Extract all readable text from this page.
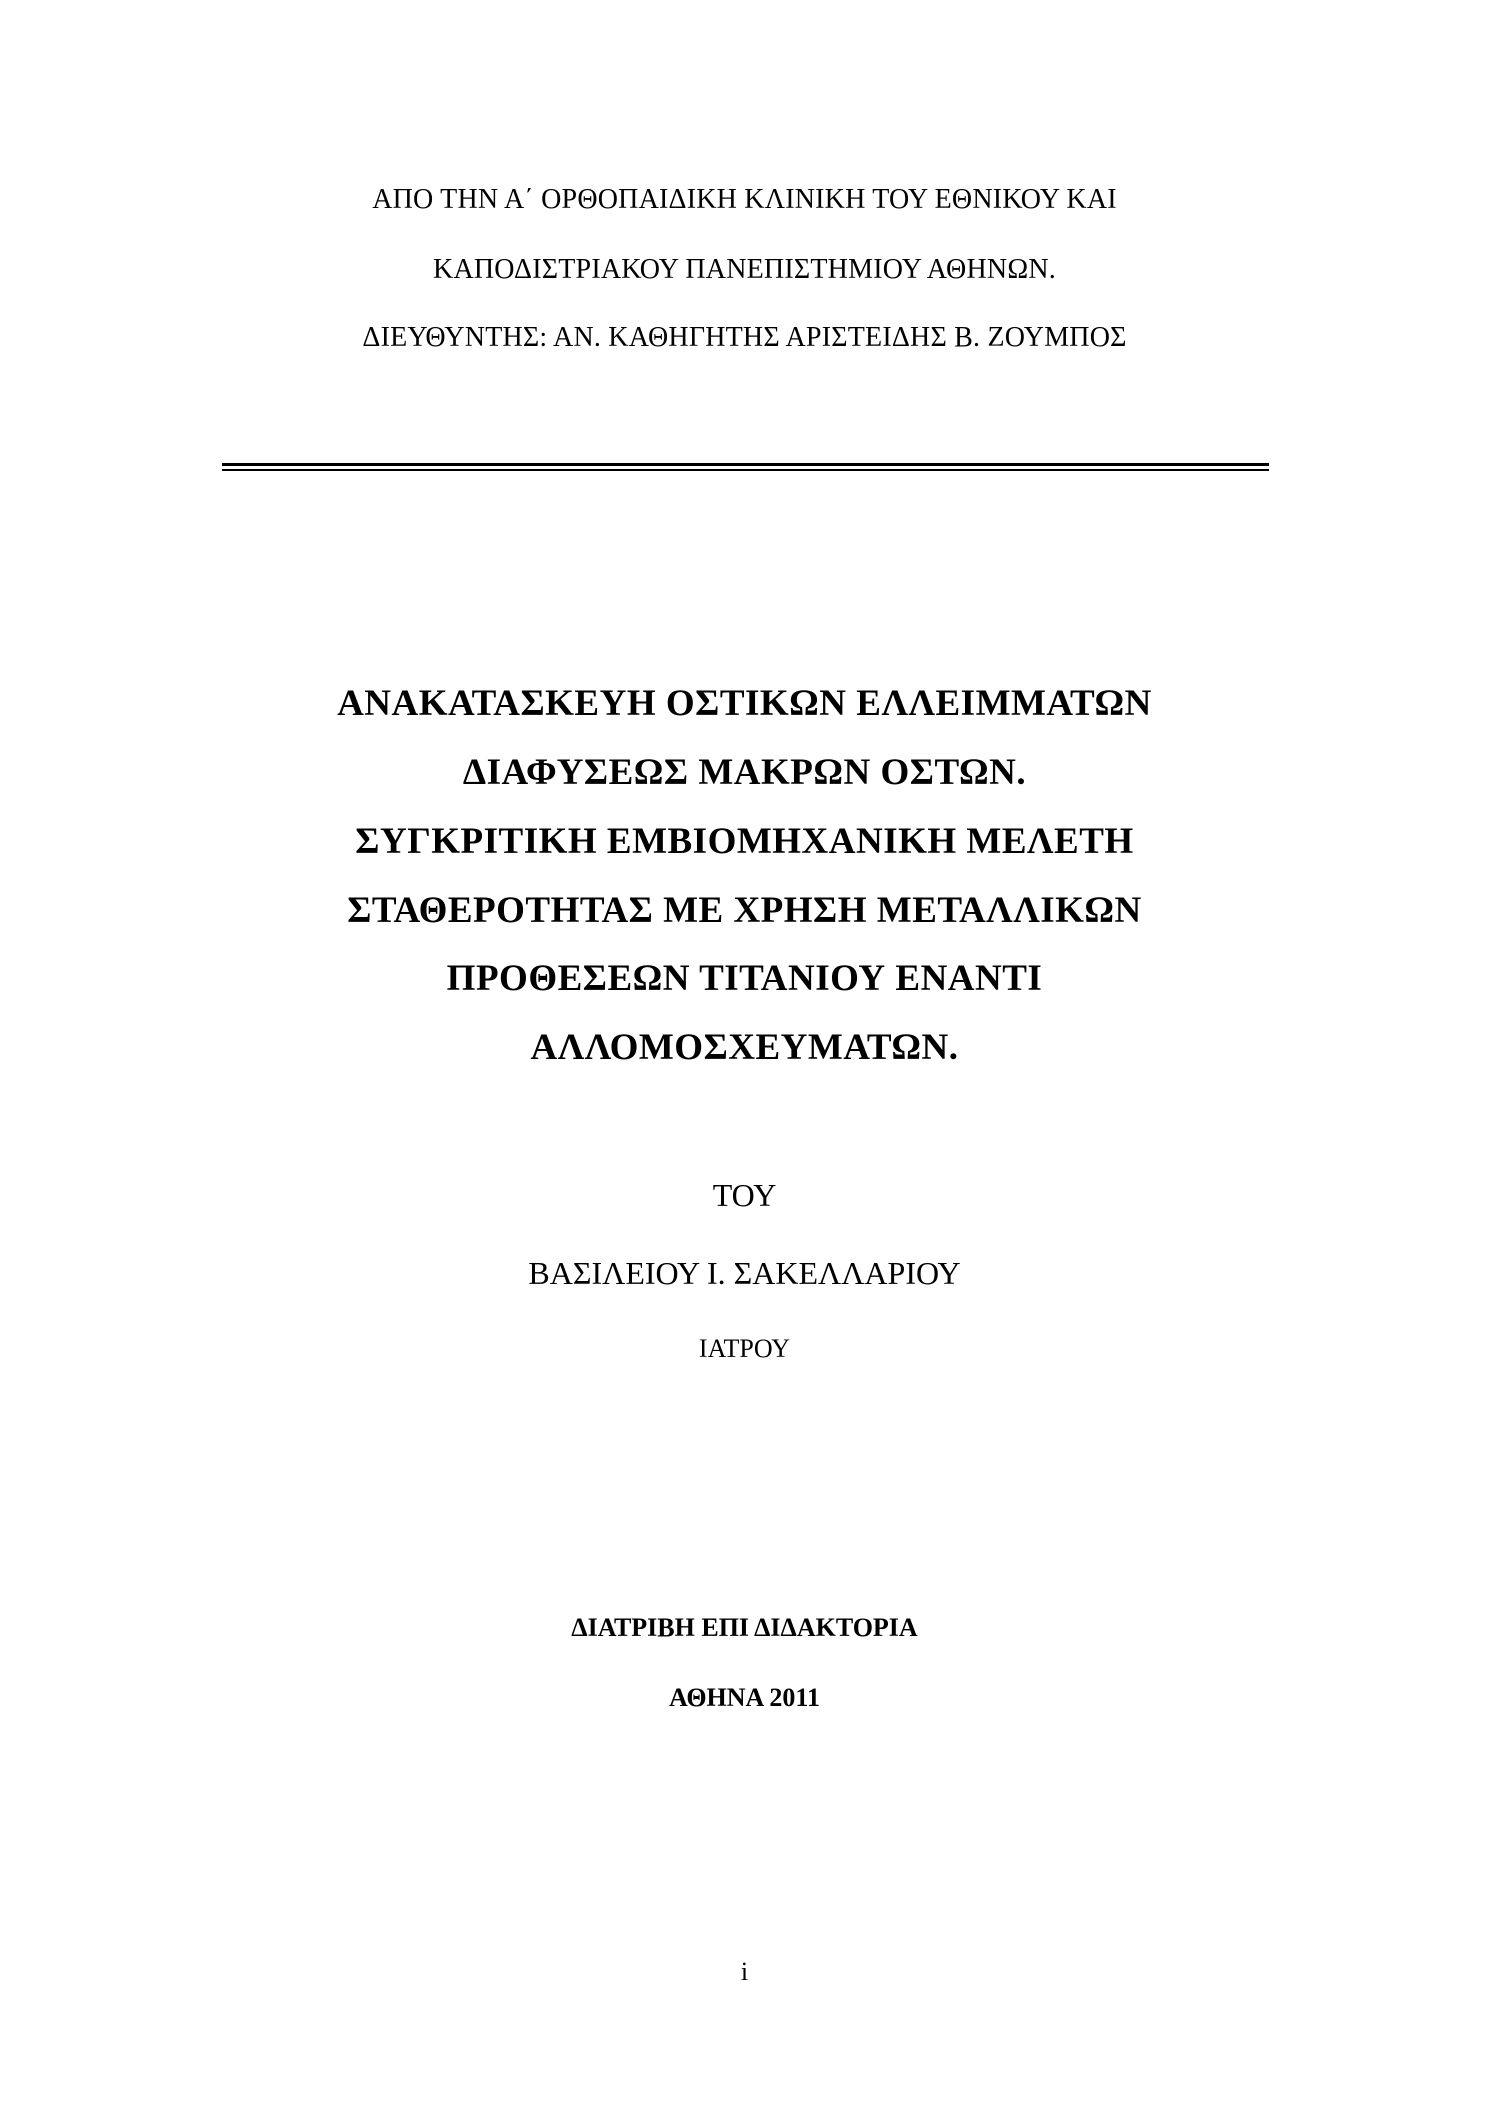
ΑΠΟ ΤΗΝ Α΄ ΟΡΘΟΠΑΙΔΙΚΗ ΚΛΙΝΙΚΗ ΤΟΥ ΕΘΝΙΚΟΥ ΚΑΙ
ΚΑΠΟΔΙΣΤΡΙΑΚΟΥ ΠΑΝΕΠΙΣΤΗΜΙΟΥ ΑΘΗΝΩΝ.
ΔΙΕΥΘΥΝΤΗΣ: ΑΝ. ΚΑΘΗΓΗΤΗΣ ΑΡΙΣΤΕΙΔΗΣ Β. ΖΟΥΜΠΟΣ
ΑΝΑΚΑΤΑΣΚΕΥΗ ΟΣΤΙΚΩΝ ΕΛΛΕΙΜΜΑΤΩΝ
ΔΙΑΦΥΣΕΩΣ ΜΑΚΡΩΝ ΟΣΤΩΝ.
ΣΥΓΚΡΙΤΙΚΗ ΕΜΒΙΟΜΗΧΑΝΙΚΗ ΜΕΛΕΤΗ
ΣΤΑΘΕΡΟΤΗΤΑΣ ΜΕ ΧΡΗΣΗ ΜΕΤΑΛΛΙΚΩΝ
ΠΡΟΘΕΣΕΩΝ ΤΙΤΑΝΙΟΥ ΕΝΑΝΤΙ
ΑΛΛΟΜΟΣΧΕΥΜΑΤΩΝ.
ΤΟΥ
ΒΑΣΙΛΕΙΟΥ Ι. ΣΑΚΕΛΛΑΡΙΟΥ
ΙΑΤΡΟΥ
ΔΙΑΤΡΙΒΗ ΕΠΙ ΔΙΔΑΚΤΟΡΙΑ
ΑΘΗΝΑ 2011
i
